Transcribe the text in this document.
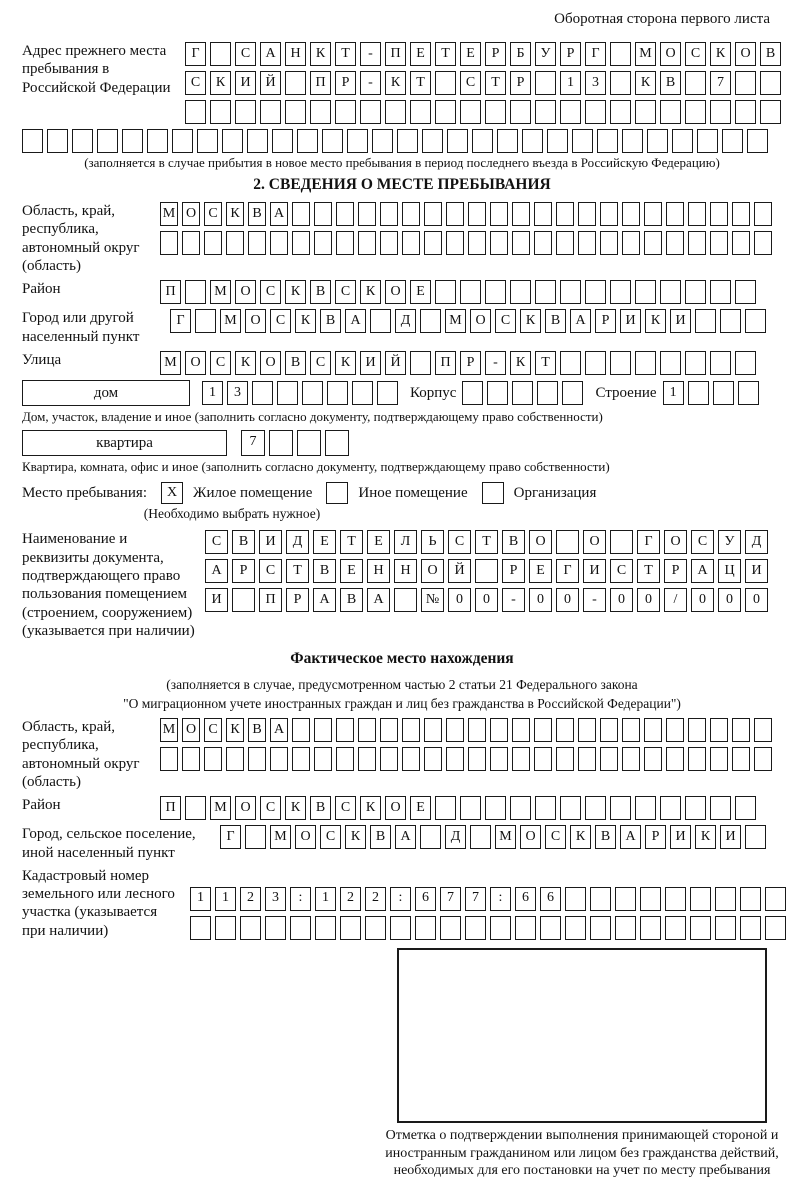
Оборотная сторона первого листа
Адрес прежнего места пребывания в Российской Федерации
Г	С	А	Н	К	Т	-	П	Е	Т	Е	Р	Б	У	Р	Г	М О	С	К	О	В
С	К	И	Й	П	Р	-	К	Т	С	Т	Р	1	3	К	В	7
(заполняется в случае прибытия в новое место пребывания в период последнего въезда в Российскую Федерацию)
2. СВЕДЕНИЯ О МЕСТЕ ПРЕБЫВАНИЯ
Область, край, республика, автономный округ (область)
М О С К В А
Район	П	М О	С	К	В	С	К	О	Е
Город или другой населенный пункт
Г	М О	С	К	В	А	Д	М О	С	К	В	А	Р	И	К	И
Улица	М О	С	К	О	В	С	К	И	Й	П	Р	-	К	Т
дом	1	3	Корпус	Строение 1
Дом, участок, владение и иное (заполнить согласно документу, подтверждающему право собственности)
квартира	7
Квартира, комната, офис и иное (заполнить согласно документу, подтверждающему право собственности)
Место пребывания:	X	Жилое помещение	Иное помещение	Организация
(Необходимо выбрать нужное)
Наименование и реквизиты документа, подтверждающего право пользования помещением (строением, сооружением) (указывается при наличии)
С	В	И	Д	Е	Т	Е	Л	Ь	С	Т	В	О	О	Г	О	С	У	Д
А	Р	С	Т	В	Е	Н	Н	О	Й	Р	Е	Г	И	С	Т	Р	А	Ц	И
И	П	Р	А	В	А	№	0	0	-	0	0	-	0	0	/	0	0	0
Фактическое место нахождения
(заполняется в случае, предусмотренном частью 2 статьи 21 Федерального закона
"О миграционном учете иностранных граждан и лиц без гражданства в Российской Федерации")
Область, край, республика, автономный округ (область)
М О С К В А
Район	П	М О	С	К	В	С	К	О	Е
Город, сельское поселение, иной населенный пункт
Г	М О	С	К	В	А	Д	М О	С	К	В	А	Р	И	К	И
Кадастровый номер земельного или лесного участка (указывается при наличии)
1	1	2	3	:	1	2	2	:	6	7	7	:	6	6
Отметка о подтверждении выполнения принимающей стороной и иностранным гражданином или лицом без гражданства действий, необходимых для его постановки на учет по месту пребывания
